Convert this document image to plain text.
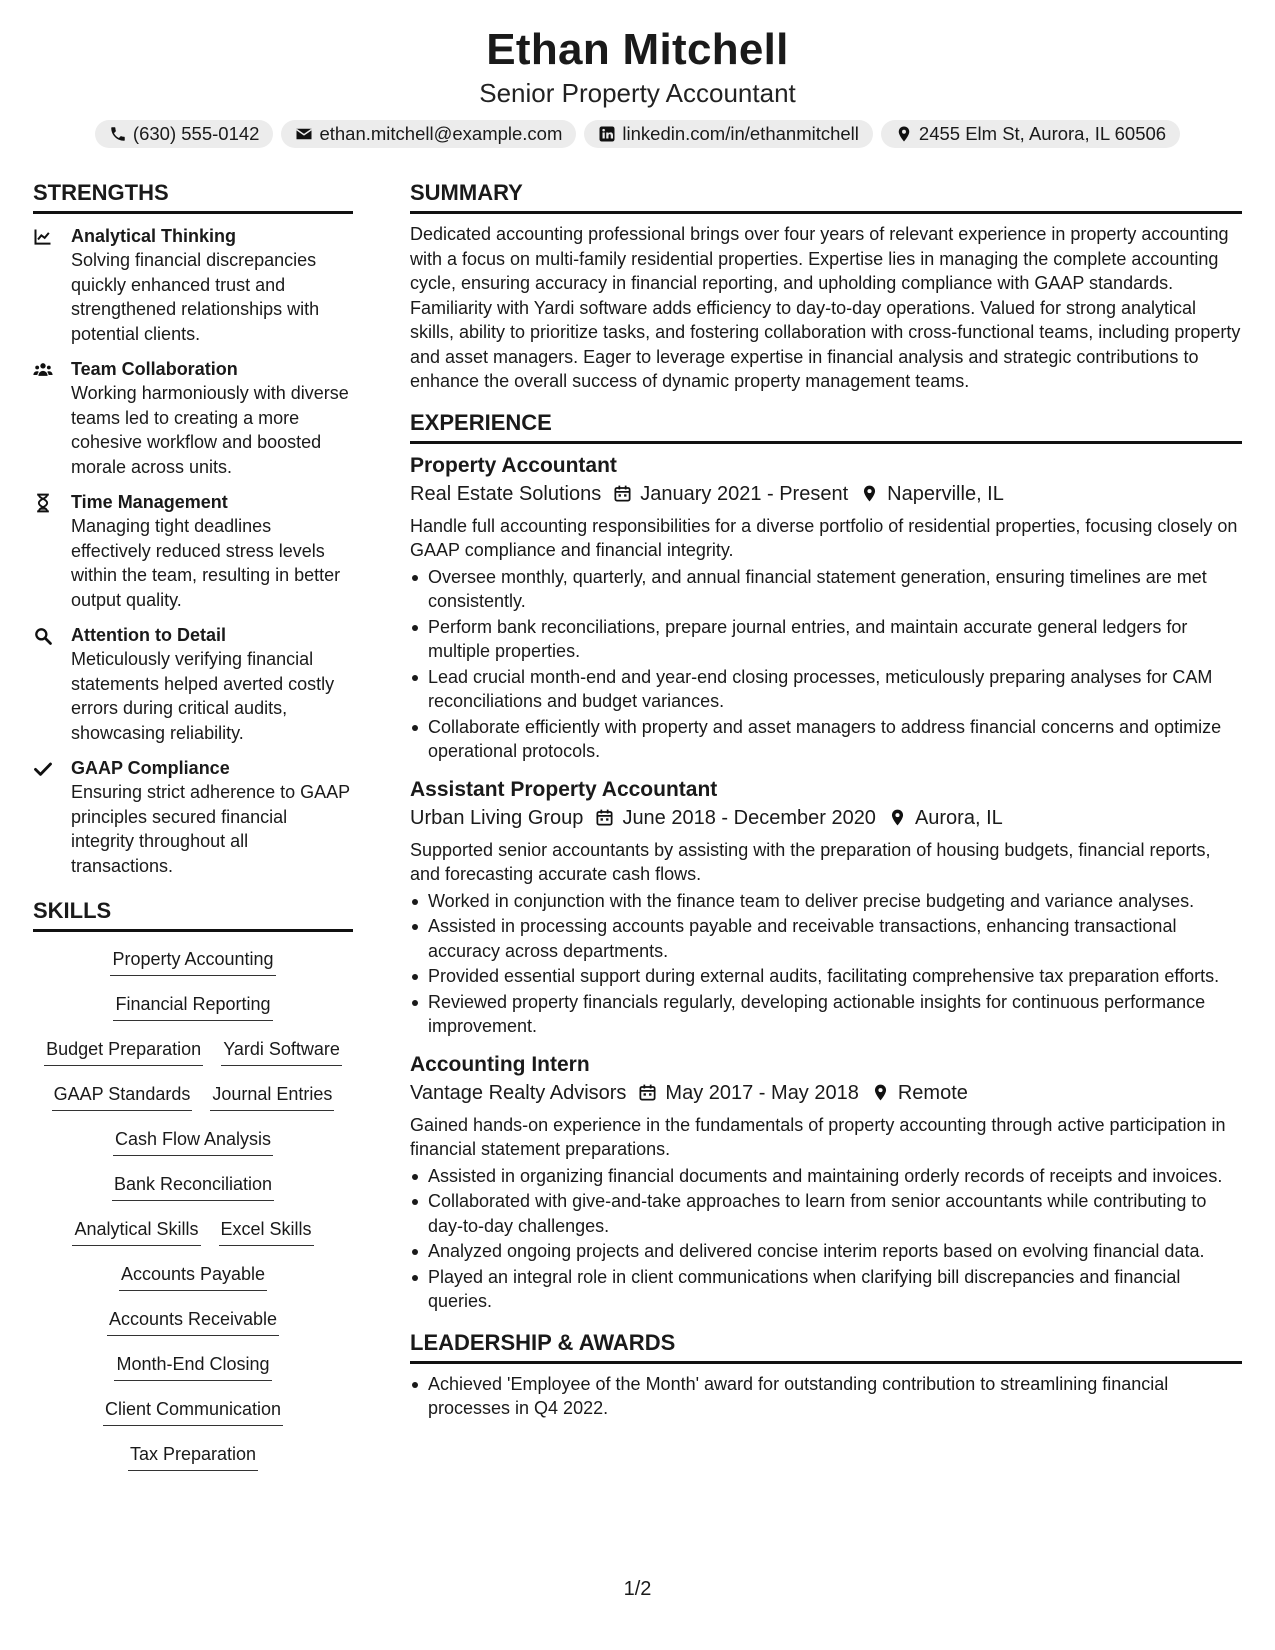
Ethan Mitchell
Senior Property Accountant
(630) 555-0142	ethan.mitchell@example.com	linkedin.com/in/ethanmitchell	2455 Elm St, Aurora, IL 60506
STRENGTHS
Analytical Thinking
Solving financial discrepancies quickly enhanced trust and strengthened relationships with potential clients.
Team Collaboration
Working harmoniously with diverse teams led to creating a more cohesive workflow and boosted morale across units.
Time Management
Managing tight deadlines effectively reduced stress levels within the team, resulting in better output quality.
Attention to Detail
Meticulously verifying financial statements helped averted costly errors during critical audits, showcasing reliability.
GAAP Compliance
Ensuring strict adherence to GAAP principles secured financial integrity throughout all transactions.
SKILLS
Property Accounting
Financial Reporting
Budget Preparation Yardi Software
GAAP Standards Journal Entries
Cash Flow Analysis
Bank Reconciliation
Analytical Skills Excel Skills
Accounts Payable
Accounts Receivable
Month-End Closing
Client Communication
Tax Preparation
SUMMARY
Dedicated accounting professional brings over four years of relevant experience in property accounting with a focus on multi-family residential properties. Expertise lies in managing the complete accounting cycle, ensuring accuracy in financial reporting, and upholding compliance with GAAP standards. Familiarity with Yardi software adds efficiency to day-to-day operations. Valued for strong analytical skills, ability to prioritize tasks, and fostering collaboration with cross-functional teams, including property and asset managers. Eager to leverage expertise in financial analysis and strategic contributions to enhance the overall success of dynamic property management teams.
EXPERIENCE
Property Accountant
Real Estate Solutions January 2021 - Present Naperville, IL
Handle full accounting responsibilities for a diverse portfolio of residential properties, focusing closely on GAAP compliance and financial integrity.
Oversee monthly, quarterly, and annual financial statement generation, ensuring timelines are met consistently.
Perform bank reconciliations, prepare journal entries, and maintain accurate general ledgers for multiple properties.
Lead crucial month-end and year-end closing processes, meticulously preparing analyses for CAM reconciliations and budget variances.
Collaborate efficiently with property and asset managers to address financial concerns and optimize operational protocols.
Assistant Property Accountant
Urban Living Group June 2018 - December 2020 Aurora, IL
Supported senior accountants by assisting with the preparation of housing budgets, financial reports, and forecasting accurate cash flows.
Worked in conjunction with the finance team to deliver precise budgeting and variance analyses.
Assisted in processing accounts payable and receivable transactions, enhancing transactional accuracy across departments.
Provided essential support during external audits, facilitating comprehensive tax preparation efforts.
Reviewed property financials regularly, developing actionable insights for continuous performance improvement.
Accounting Intern
Vantage Realty Advisors May 2017 - May 2018 Remote
Gained hands-on experience in the fundamentals of property accounting through active participation in financial statement preparations.
Assisted in organizing financial documents and maintaining orderly records of receipts and invoices.
Collaborated with give-and-take approaches to learn from senior accountants while contributing to day-to-day challenges.
Analyzed ongoing projects and delivered concise interim reports based on evolving financial data.
Played an integral role in client communications when clarifying bill discrepancies and financial queries.
LEADERSHIP & AWARDS
Achieved 'Employee of the Month' award for outstanding contribution to streamlining financial processes in Q4 2022.
1/2
